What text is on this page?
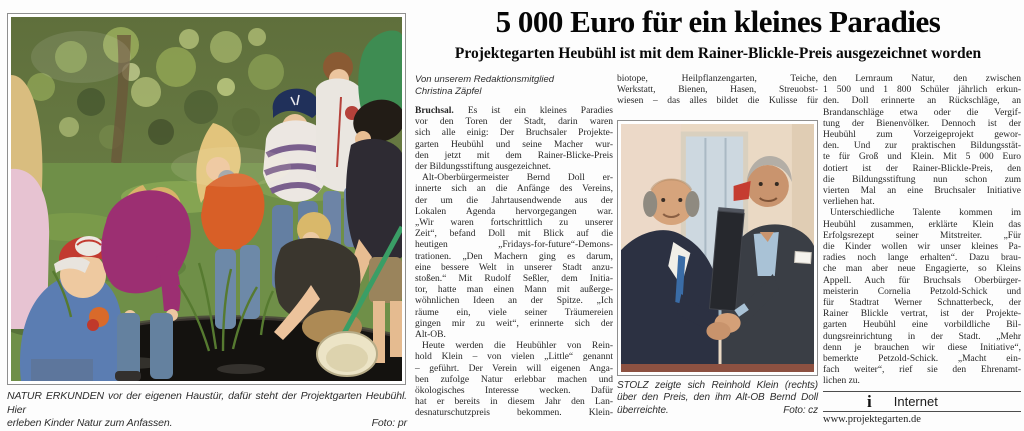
NATUR ERKUNDEN vor der eigenen Haustür, dafür steht der Projektgarten Heubühl. Hier
erleben Kinder Natur zum Anfassen.	Foto: pr
5 000 Euro für ein kleines Paradies
Projektegarten Heubühl ist mit dem Rainer-Blickle-Preis ausgezeichnet worden
Von unserem Redaktionsmitglied
Christina Zäpfel
Bruchsal. Es ist ein kleines Paradies
vor den Toren der Stadt, darin waren
sich alle einig: Der Bruchsaler Projekte-
garten Heubühl und seine Macher wur-
den jetzt mit dem Rainer-Blicke-Preis
der Bildungsstiftung ausgezeichnet.
Alt-Oberbürgermeister Bernd Doll er-
innerte sich an die Anfänge des Vereins,
der um die Jahrtausendwende aus der
Lokalen Agenda hervorgegangen war.
„Wir waren fortschrittlich zu unserer
Zeit“, befand Doll mit Blick auf die
heutigen „Fridays-for-future“-Demons-
trationen. „Den Machern ging es darum,
eine bessere Welt in unserer Stadt anzu-
stoßen.“ Mit Rudolf Seßler, dem Initia-
tor, hatte man einen Mann mit außerge-
wöhnlichen Ideen an der Spitze. „Ich
räume ein, viele seiner Träumereien
gingen mir zu weit“, erinnerte sich der
Alt-OB.
Heute werden die Heubühler von Rein-
hold Klein – von vielen „Little“ genannt
– geführt. Der Verein will eigenen Anga-
ben zufolge Natur erlebbar machen und
ökologisches Interesse wecken. Dafür
hat er bereits in diesem Jahr den Lan-
desnaturschutzpreis bekommen. Klein-
biotope, Heilpflanzengarten, Teiche,
Werkstatt, Bienen, Hasen, Streuobst-
wiesen – das alles bildet die Kulisse für
STOLZ zeigte sich Reinhold Klein (rechts)
über den Preis, den ihm Alt-OB Bernd Doll
überreichte.	Foto: cz
den Lernraum Natur, den zwischen
1 500 und 1 800 Schüler jährlich erkun-
den. Doll erinnerte an Rückschläge, an
Brandanschläge etwa oder die Vergif-
tung der Bienenvölker. Dennoch ist der
Heubühl zum Vorzeigeprojekt gewor-
den. Und zur praktischen Bildungsstät-
te für Groß und Klein. Mit 5 000 Euro
dotiert ist der Rainer-Blickle-Preis, den
die Bildungsstiftung nun schon zum
vierten Mal an eine Bruchsaler Initiative
verliehen hat.
Unterschiedliche Talente kommen im
Heubühl zusammen, erklärte Klein das
Erfolgsrezept seiner Mitstreiter. „Für
die Kinder wollen wir unser kleines Pa-
radies noch lange erhalten“. Dazu brau-
che man aber neue Engagierte, so Kleins
Appell. Auch für Bruchsals Oberbürger-
meisterin Cornelia Petzold-Schick und
für Stadtrat Werner Schnatterbeck, der
Rainer Blickle vertrat, ist der Projekte-
garten Heubühl eine vorbildliche Bil-
dungsreinrichtung in der Stadt. „Mehr
denn je brauchen wir diese Initiative“,
bemerkte Petzold-Schick. „Macht ein-
fach weiter“, rief sie den Ehrenamt-
lichen zu.
i Internet
www.projektegarten.de
